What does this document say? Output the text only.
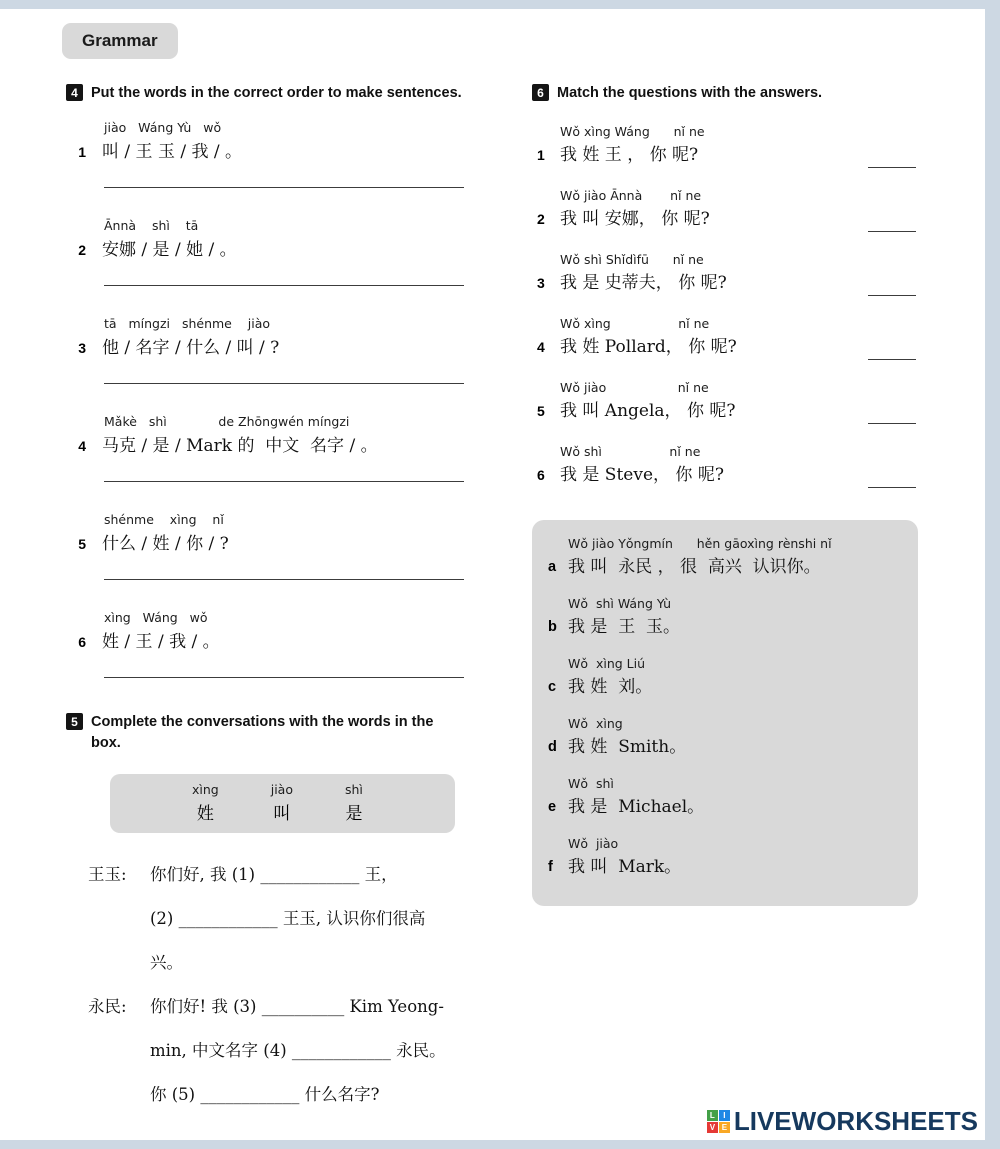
Grammar
4 Put the words in the correct order to make sentences.
jiào   Wáng Yù   wǒ
1 叫 / 王 玉 / 我 / 。
Ānnà    shì    tā
2 安娜 / 是 / 她 / 。
tā   míngzi   shénme    jiào
3 他 / 名字 / 什么 / 叫 / ?
Mǎkè   shì             de Zhōngwén míngzi
4 马克 / 是 / Mark 的  中文  名字 / 。
shénme    xìng    nǐ
5 什么 / 姓 / 你 / ?
xìng   Wáng   wǒ
6 姓 / 王 / 我 / 。
5 Complete the conversations with the words in the box.
xìng
姓
jiào
叫
shì
是
王玉:	你们好, 我 (1) ____________ 王，
(2) ____________ 王玉, 认识你们很高
兴。
永民:	你们好! 我 (3) __________ Kim Yeong-
min, 中文名字 (4) ____________ 永民。
你 (5) ____________ 什么名字?
6 Match the questions with the answers.
Wǒ xìng Wáng      nǐ ne
1 我 姓 王 ， 你 呢?
Wǒ jiào Ānnà       nǐ ne
2 我 叫 安娜， 你 呢?
Wǒ shì Shǐdìfū      nǐ ne
3 我 是 史蒂夫， 你 呢?
Wǒ xìng                 nǐ ne
4 我 姓 Pollard， 你 呢?
Wǒ jiào                  nǐ ne
5 我 叫 Angela， 你 呢?
Wǒ shì                 nǐ ne
6 我 是 Steve， 你 呢?
Wǒ jiào Yǒngmín      hěn gāoxìng rènshi nǐ
a 我 叫  永民 ， 很  高兴  认识你。
Wǒ  shì Wáng Yù
b 我 是  王  玉。
Wǒ  xìng Liú
c 我 姓  刘。
Wǒ  xìng
d 我 姓  Smith。
Wǒ  shì
e 我 是  Michael。
Wǒ  jiào
f 我 叫  Mark。
L	I
V E LIVEWORKSHEETS
